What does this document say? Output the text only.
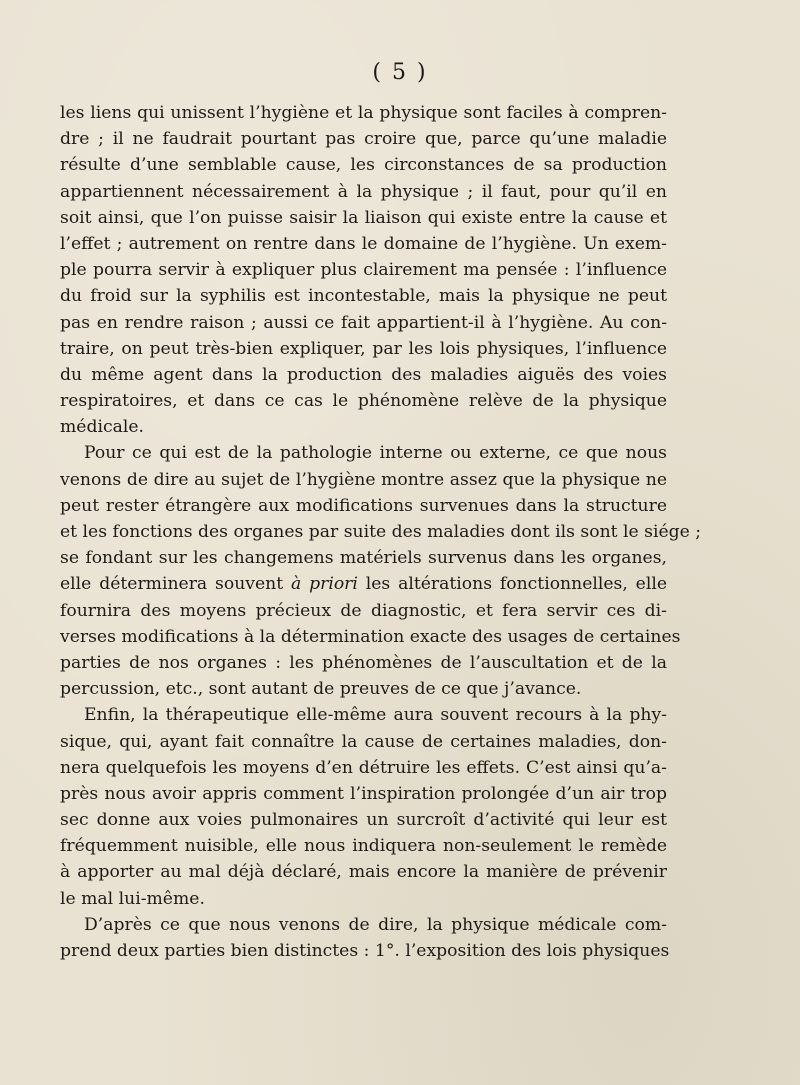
( 5 )
les liens qui unissent l’hygiène et la physique sont faciles à compren-
dre ; il ne faudrait pourtant pas croire que, parce qu’une maladie
résulte d’une semblable cause, les circonstances de sa production
appartiennent nécessairement à la physique ; il faut, pour qu’il en
soit ainsi, que l’on puisse saisir la liaison qui existe entre la cause et
l’effet ; autrement on rentre dans le domaine de l’hygiène. Un exem-
ple pourra servir à expliquer plus clairement ma pensée : l’influence
du froid sur la syphilis est incontestable, mais la physique ne peut
pas en rendre raison ; aussi ce fait appartient-il à l’hygiène. Au con-
traire, on peut très-bien expliquer, par les lois physiques, l’influence
du même agent dans la production des maladies aiguës des voies
respiratoires, et dans ce cas le phénomène relève de la physique
médicale.
Pour ce qui est de la pathologie interne ou externe, ce que nous
venons de dire au sujet de l’hygiène montre assez que la physique ne
peut rester étrangère aux modifications survenues dans la structure
et les fonctions des organes par suite des maladies dont ils sont le siége ;
se fondant sur les changemens matériels survenus dans les organes,
elle déterminera souvent à priori les altérations fonctionnelles, elle
fournira des moyens précieux de diagnostic, et fera servir ces di-
verses modifications à la détermination exacte des usages de certaines
parties de nos organes : les phénomènes de l’auscultation et de la
percussion, etc., sont autant de preuves de ce que j’avance.
Enfin, la thérapeutique elle-même aura souvent recours à la phy-
sique, qui, ayant fait connaître la cause de certaines maladies, don-
nera quelquefois les moyens d’en détruire les effets. C’est ainsi qu’a-
près nous avoir appris comment l’inspiration prolongée d’un air trop
sec donne aux voies pulmonaires un surcroît d’activité qui leur est
fréquemment nuisible, elle nous indiquera non-seulement le remède
à apporter au mal déjà déclaré, mais encore la manière de prévenir
le mal lui-même.
D’après ce que nous venons de dire, la physique médicale com-
prend deux parties bien distinctes : 1°. l’exposition des lois physiques
